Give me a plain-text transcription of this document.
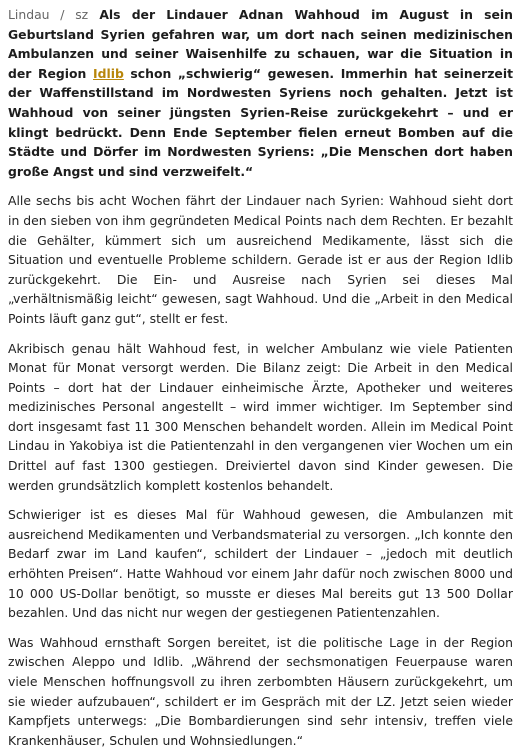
Lindau / sz Als der Lindauer Adnan Wahhoud im August in sein Geburtsland Syrien gefahren war, um dort nach seinen medizinischen Ambulanzen und seiner Waisenhilfe zu schauen, war die Situation in der Region Idlib schon „schwierig“ gewesen. Immerhin hat seinerzeit der Waffenstillstand im Nordwesten Syriens noch gehalten. Jetzt ist Wahhoud von seiner jüngsten Syrien-Reise zurückgekehrt – und er klingt bedrückt. Denn Ende September fielen erneut Bomben auf die Städte und Dörfer im Nordwesten Syriens: „Die Menschen dort haben große Angst und sind verzweifelt.“

Alle sechs bis acht Wochen fährt der Lindauer nach Syrien: Wahhoud sieht dort in den sieben von ihm gegründeten Medical Points nach dem Rechten. Er bezahlt die Gehälter, kümmert sich um ausreichend Medikamente, lässt sich die Situation und eventuelle Probleme schildern. Gerade ist er aus der Region Idlib zurückgekehrt. Die Ein- und Ausreise nach Syrien sei dieses Mal „verhältnismäßig leicht“ gewesen, sagt Wahhoud. Und die „Arbeit in den Medical Points läuft ganz gut“, stellt er fest.

Akribisch genau hält Wahhoud fest, in welcher Ambulanz wie viele Patienten Monat für Monat versorgt werden. Die Bilanz zeigt: Die Arbeit in den Medical Points – dort hat der Lindauer einheimische Ärzte, Apotheker und weiteres medizinisches Personal angestellt – wird immer wichtiger. Im September sind dort insgesamt fast 11 300 Menschen behandelt worden. Allein im Medical Point Lindau in Yakobiya ist die Patientenzahl in den vergangenen vier Wochen um ein Drittel auf fast 1300 gestiegen. Dreiviertel davon sind Kinder gewesen. Die werden grundsätzlich komplett kostenlos behandelt.

Schwieriger ist es dieses Mal für Wahhoud gewesen, die Ambulanzen mit ausreichend Medikamenten und Verbandsmaterial zu versorgen. „Ich konnte den Bedarf zwar im Land kaufen“, schildert der Lindauer – „jedoch mit deutlich erhöhten Preisen“. Hatte Wahhoud vor einem Jahr dafür noch zwischen 8000 und 10 000 US-Dollar benötigt, so musste er dieses Mal bereits gut 13 500 Dollar bezahlen. Und das nicht nur wegen der gestiegenen Patientenzahlen.

Was Wahhoud ernsthaft Sorgen bereitet, ist die politische Lage in der Region zwischen Aleppo und Idlib. „Während der sechsmonatigen Feuerpause waren viele Menschen hoffnungsvoll zu ihren zerbombten Häusern zurückgekehrt, um sie wieder aufzubauen“, schildert er im Gespräch mit der LZ. Jetzt seien wieder Kampfjets unterwegs: „Die Bombardierungen sind sehr intensiv, treffen viele Krankenhäuser, Schulen und Wohnsiedlungen.“
